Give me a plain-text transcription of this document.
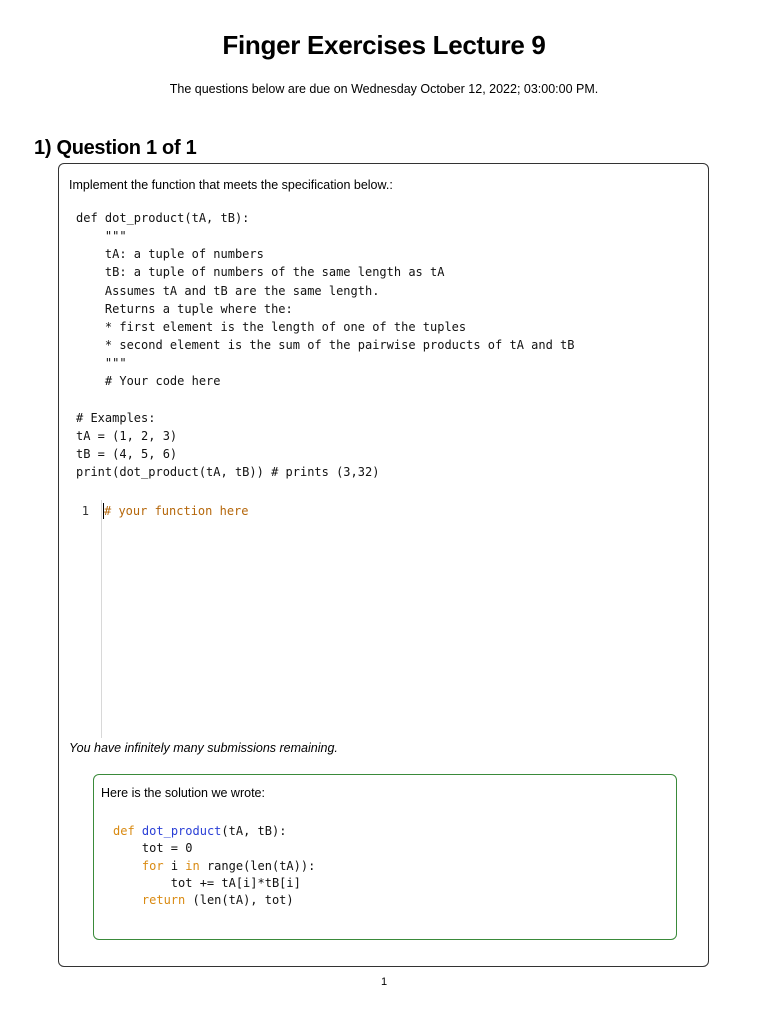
Finger Exercises Lecture 9
The questions below are due on Wednesday October 12, 2022; 03:00:00 PM.
1) Question 1 of 1
Implement the function that meets the specification below.:
def dot_product(tA, tB):
"""
tA: a tuple of numbers
tB: a tuple of numbers of the same length as tA
Assumes tA and tB are the same length.
Returns a tuple where the:
* first element is the length of one of the tuples
* second element is the sum of the pairwise products of tA and tB
"""
# Your code here

# Examples:
tA = (1, 2, 3)
tB = (4, 5, 6)
print(dot_product(tA, tB)) # prints (3,32)
1 # your function here
You have infinitely many submissions remaining.
Here is the solution we wrote:
def dot_product(tA, tB):
tot = 0
for i in range(len(tA)):
tot += tA[i]*tB[i]
return (len(tA), tot)
1
